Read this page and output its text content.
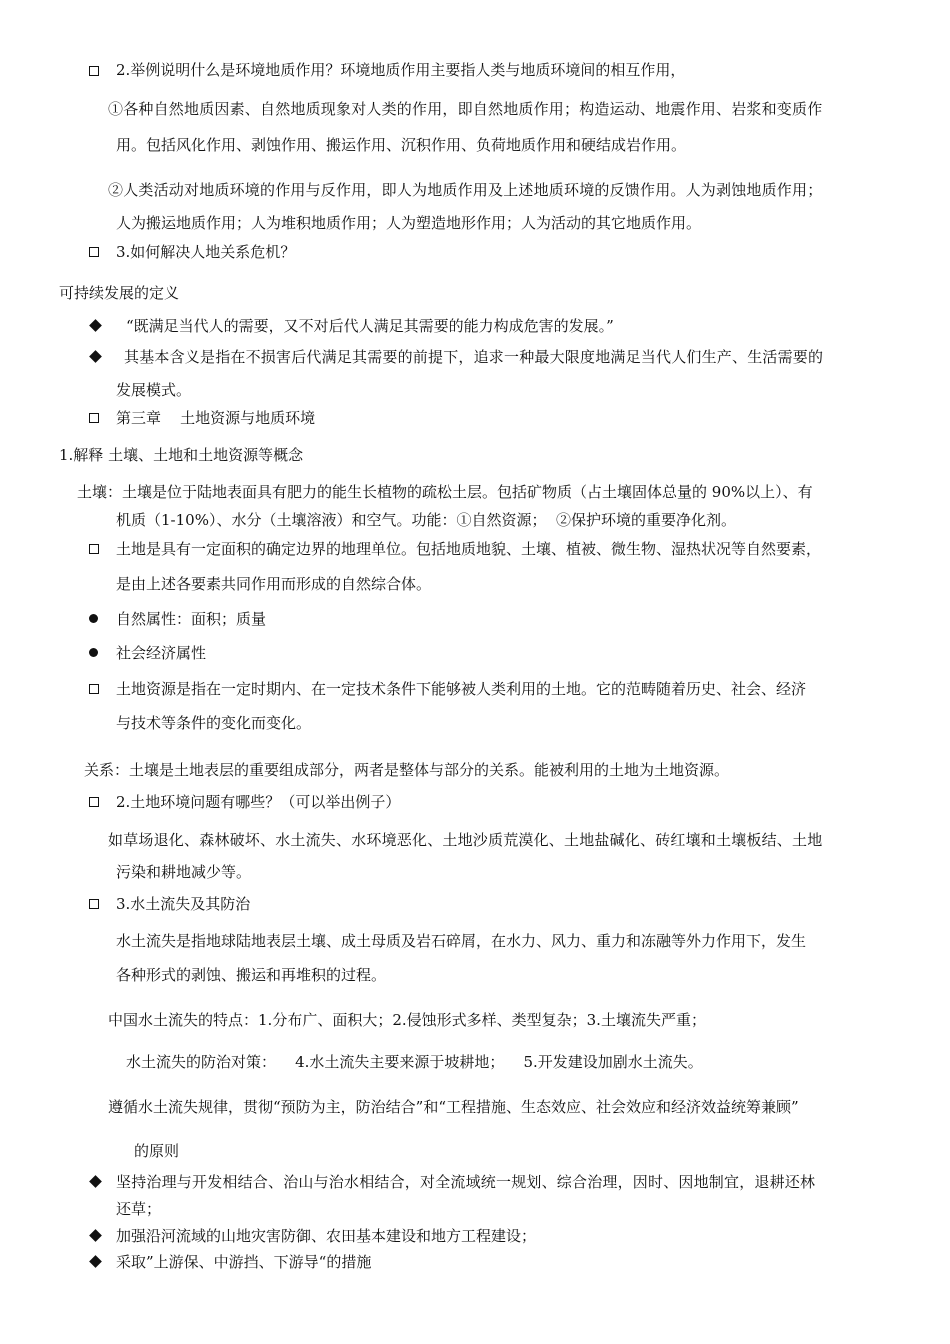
2.举例说明什么是环境地质作用？环境地质作用主要指人类与地质环境间的相互作用，
①各种自然地质因素、自然地质现象对人类的作用，即自然地质作用；构造运动、地震作用、岩浆和变质作
用。包括风化作用、剥蚀作用、搬运作用、沉积作用、负荷地质作用和硬结成岩作用。
②人类活动对地质环境的作用与反作用，即人为地质作用及上述地质环境的反馈作用。人为剥蚀地质作用；
人为搬运地质作用；人为堆积地质作用；人为塑造地形作用；人为活动的其它地质作用。
3.如何解决人地关系危机？
可持续发展的定义
“既满足当代人的需要，又不对后代人满足其需要的能力构成危害的发展。”
其基本含义是指在不损害后代满足其需要的前提下，追求一种最大限度地满足当代人们生产、生活需要的
发展模式。
第三章    土地资源与地质环境
1.解释 土壤、土地和土地资源等概念
土壤：土壤是位于陆地表面具有肥力的能生长植物的疏松土层。包括矿物质（占土壤固体总量的 90%以上）、有
机质（1-10%）、水分（土壤溶液）和空气。功能：①自然资源；  ②保护环境的重要净化剂。
土地是具有一定面积的确定边界的地理单位。包括地质地貌、土壤、植被、微生物、湿热状况等自然要素，
是由上述各要素共同作用而形成的自然综合体。
自然属性：面积；质量
社会经济属性
土地资源是指在一定时期内、在一定技术条件下能够被人类利用的土地。它的范畴随着历史、社会、经济
与技术等条件的变化而变化。
关系：土壤是土地表层的重要组成部分，两者是整体与部分的关系。能被利用的土地为土地资源。
2.土地环境问题有哪些？（可以举出例子）
如草场退化、森林破坏、水土流失、水环境恶化、土地沙质荒漠化、土地盐碱化、砖红壤和土壤板结、土地
污染和耕地减少等。
3.水土流失及其防治
水土流失是指地球陆地表层土壤、成土母质及岩石碎屑，在水力、风力、重力和冻融等外力作用下，发生
各种形式的剥蚀、搬运和再堆积的过程。
中国水土流失的特点：1.分布广、面积大；2.侵蚀形式多样、类型复杂；3.土壤流失严重；
水土流失的防治对策：    4.水土流失主要来源于坡耕地；    5.开发建设加剧水土流失。
遵循水土流失规律，贯彻“预防为主，防治结合”和“工程措施、生态效应、社会效应和经济效益统筹兼顾”
的原则
坚持治理与开发相结合、治山与治水相结合，对全流域统一规划、综合治理，因时、因地制宜，退耕还林
还草；
加强沿河流域的山地灾害防御、农田基本建设和地方工程建设；
采取”上游保、中游挡、下游导“的措施
